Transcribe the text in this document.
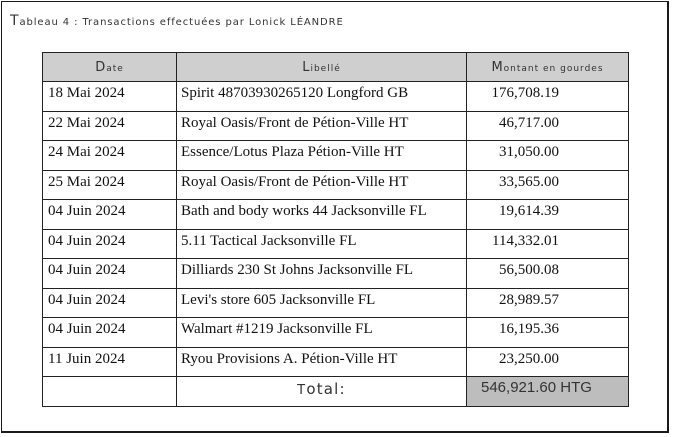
Tableau 4 : Transactions effectuées par Lonick LÉANDRE
Date	Libellé	Montant en gourdes
18 Mai 2024	Spirit 48703930265120 Longford GB	176,708.19
22 Mai 2024	Royal Oasis/Front de Pétion-Ville HT	46,717.00
24 Mai 2024	Essence/Lotus Plaza Pétion-Ville HT	31,050.00
25 Mai 2024	Royal Oasis/Front de Pétion-Ville HT	33,565.00
04 Juin 2024	Bath and body works 44 Jacksonville FL	19,614.39
04 Juin 2024	5.11 Tactical Jacksonville FL	114,332.01
04 Juin 2024	Dilliards 230 St Johns Jacksonville FL	56,500.08
04 Juin 2024	Levi's store 605 Jacksonville FL	28,989.57
04 Juin 2024	Walmart #1219 Jacksonville FL	16,195.36
11 Juin 2024	Ryou Provisions A. Pétion-Ville HT	23,250.00
	Total:	546,921.60 HTG
